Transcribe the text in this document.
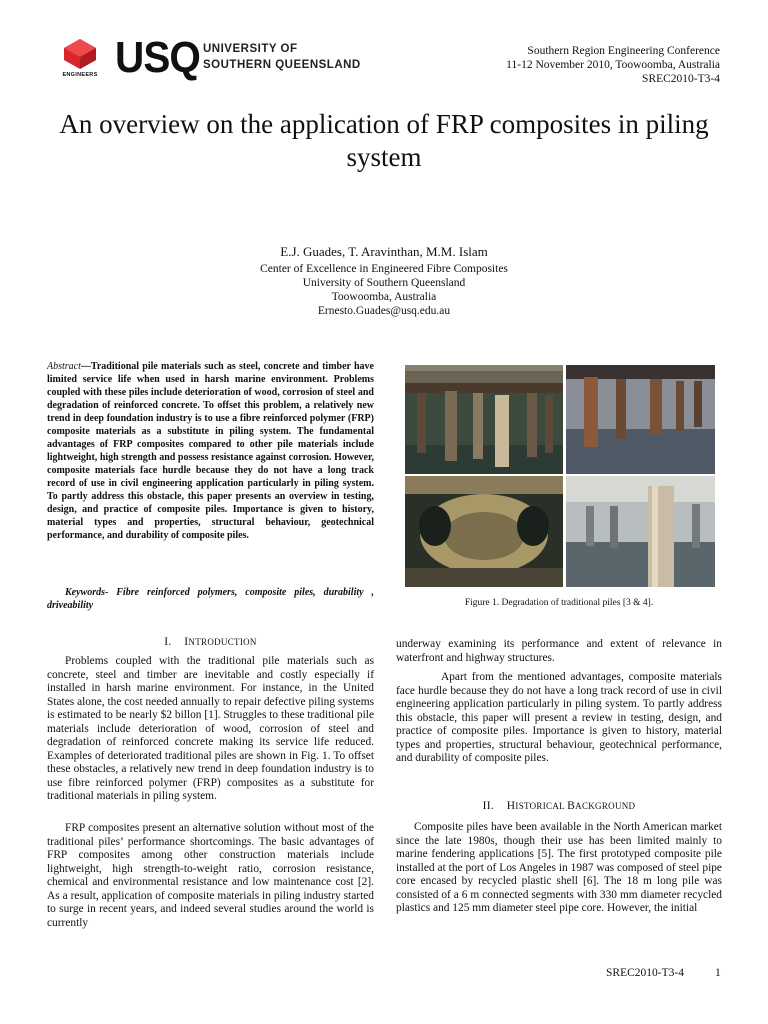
ENGINEERS USQ UNIVERSITY OF
SOUTHERN QUEENSLAND
Southern Region Engineering Conference
11-12 November 2010, Toowoomba, Australia
SREC2010-T3-4
An overview on the application of FRP composites in piling system
E.J. Guades, T. Aravinthan, M.M. Islam
Center of Excellence in Engineered Fibre Composites
University of Southern Queensland
Toowoomba, Australia
Ernesto.Guades@usq.edu.au
Abstract—Traditional pile materials such as steel, concrete and timber have limited service life when used in harsh marine environment. Problems coupled with these piles include deterioration of wood, corrosion of steel and degradation of reinforced concrete. To offset this problem, a relatively new trend in deep foundation industry is to use a fibre reinforced polymer (FRP) composite materials as a substitute in piling system. The fundamental advantages of FRP composites compared to other pile materials include lightweight, high strength and possess resistance against corrosion. However, composite materials face hurdle because they do not have a long track record of use in civil engineering application particularly in piling system. To partly address this obstacle, this paper presents an overview in testing, design, and practice of composite piles. Importance is given to history, material types and properties, structural behaviour, geotechnical performance, and durability of composite piles.
Keywords- Fibre reinforced polymers, composite piles, durability , driveability	Figure 1. Degradation of traditional piles [3 & 4].
I. INTRODUCTION
Problems coupled with the traditional pile materials such as concrete, steel and timber are inevitable and costly especially if installed in harsh marine environment. For instance, in the United States alone, the cost needed annually to repair defective piling systems is estimated to be nearly $2 billon [1]. Struggles to these traditional pile materials include deterioration of wood, corrosion of steel and degradation of reinforced concrete making its service life reduced. Examples of deteriorated traditional piles are shown in Fig. 1. To offset these obstacles, a relatively new trend in deep foundation industry is to use fibre reinforced polymer (FRP) composites as a substitute for traditional materials in piling system.
FRP composites present an alternative solution without most of the traditional piles’ performance shortcomings. The basic advantages of FRP composites among other construction materials include lightweight, high strength-to-weight ratio, corrosion resistance, chemical and environmental resistance and low maintenance cost [2]. As a result, application of composite materials in piling industry started to surge in recent years, and indeed several studies around the world is currently
underway examining its performance and extent of relevance in waterfront and highway structures.
Apart from the mentioned advantages, composite materials face hurdle because they do not have a long track record of use in civil engineering application particularly in piling system. To partly address this obstacle, this paper will present a review in testing, design, and practice of composite piles. Importance is given to history, material types and properties, structural behaviour, geotechnical performance, and durability of composite piles.
II. HISTORICAL BACKGROUND
Composite piles have been available in the North American market since the late 1980s, though their use has been limited mainly to marine fendering applications [5]. The first prototyped composite pile installed at the port of Los Angeles in 1987 was composed of steel pipe core encased by recycled plastic shell [6]. The 18 m long pile was consisted of a 6 m connected segments with 330 mm diameter recycled plastics and 125 mm diameter steel pipe core. However, the initial
SREC2010-T3-4	1
